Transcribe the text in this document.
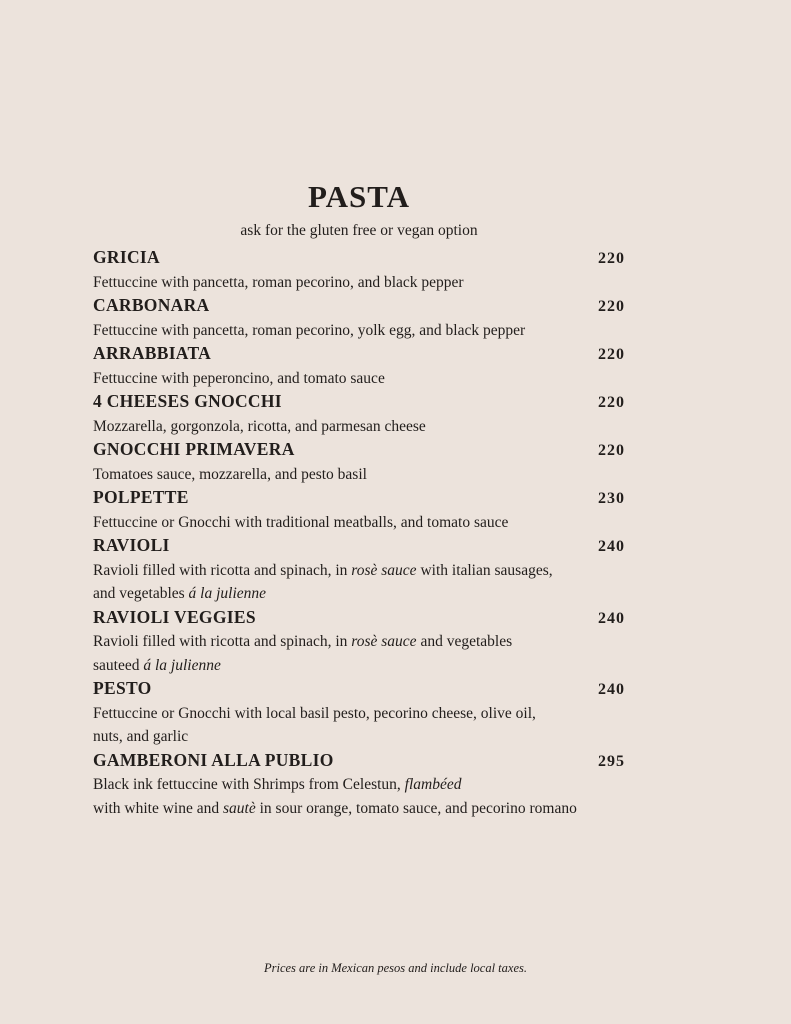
PASTA

ask for the gluten free or vegan option

GRICIA	220
Fettuccine with pancetta, roman pecorino, and black pepper
CARBONARA	220
Fettuccine with pancetta, roman pecorino, yolk egg, and black pepper
ARRABBIATA	220
Fettuccine with peperoncino, and tomato sauce
4 CHEESES GNOCCHI	220
Mozzarella, gorgonzola, ricotta, and parmesan cheese
GNOCCHI PRIMAVERA	220
Tomatoes sauce, mozzarella, and pesto basil
POLPETTE	230
Fettuccine or Gnocchi with traditional meatballs, and tomato sauce
RAVIOLI	240
Ravioli filled with ricotta and spinach, in rosè sauce with italian sausages,
and vegetables á la julienne
RAVIOLI VEGGIES	240
Ravioli filled with ricotta and spinach, in rosè sauce and vegetables
sauteed á la julienne
PESTO	240
Fettuccine or Gnocchi with local basil pesto, pecorino cheese, olive oil,
nuts, and garlic
GAMBERONI ALLA PUBLIO	295
Black ink fettuccine with Shrimps from Celestun, flambéed
with white wine and sautè in sour orange, tomato sauce, and pecorino romano

Prices are in Mexican pesos and include local taxes.
